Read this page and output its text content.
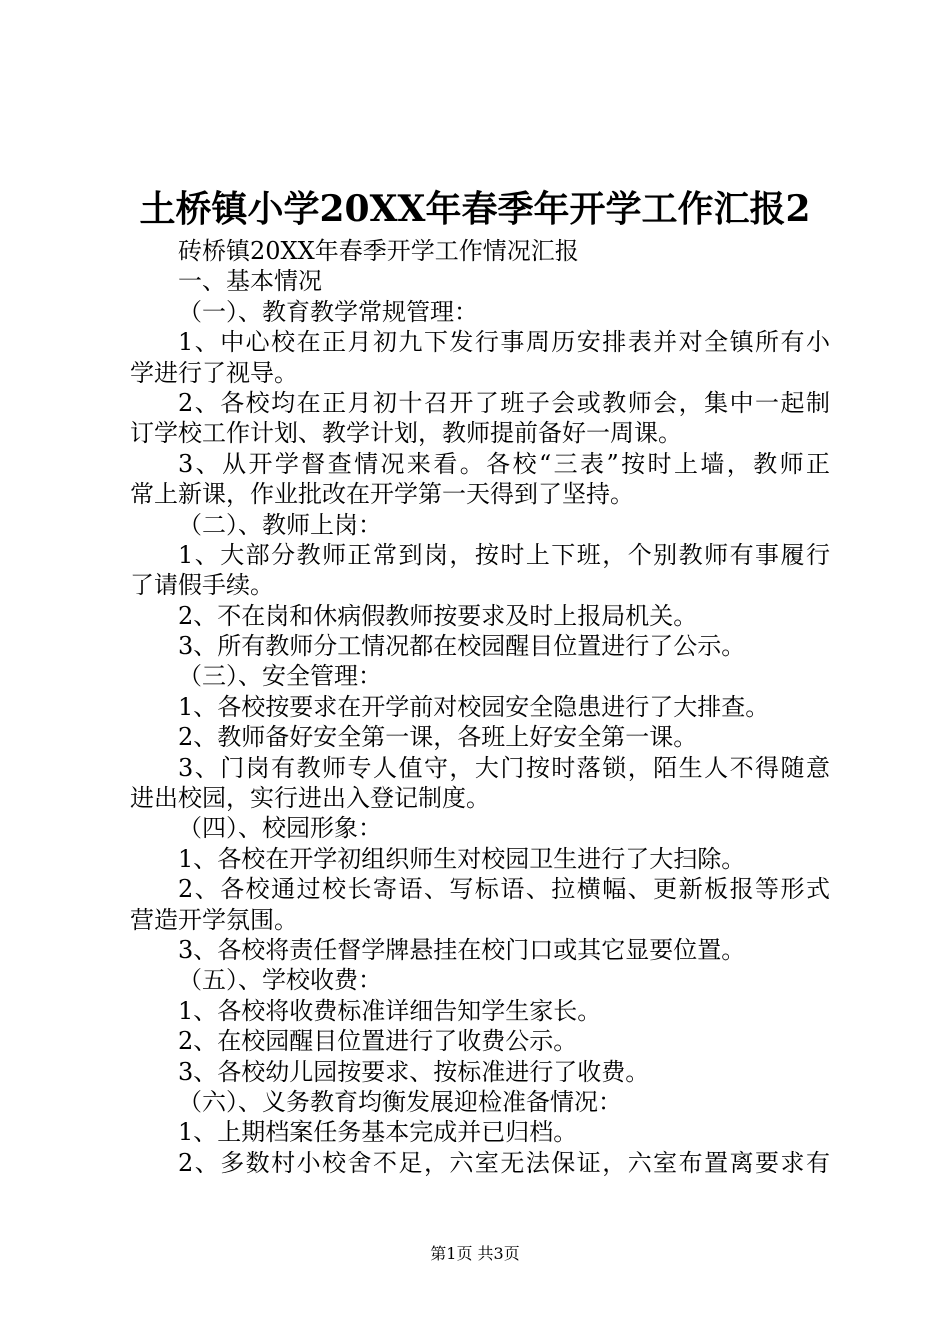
土桥镇小学20XX年春季年开学工作汇报2
砖桥镇20XX年春季开学工作情况汇报
一、基本情况
（一）、教育教学常规管理：
1、中心校在正月初九下发行事周历安排表并对全镇所有小
学进行了视导。
2、各校均在正月初十召开了班子会或教师会，集中一起制
订学校工作计划、教学计划，教师提前备好一周课。
3、从开学督查情况来看。各校“三表”按时上墙，教师正
常上新课，作业批改在开学第一天得到了坚持。
（二）、教师上岗：
1、大部分教师正常到岗，按时上下班，个别教师有事履行
了请假手续。
2、不在岗和休病假教师按要求及时上报局机关。
3、所有教师分工情况都在校园醒目位置进行了公示。
（三）、安全管理：
1、各校按要求在开学前对校园安全隐患进行了大排查。
2、教师备好安全第一课，各班上好安全第一课。
3、门岗有教师专人值守，大门按时落锁，陌生人不得随意
进出校园，实行进出入登记制度。
（四）、校园形象：
1、各校在开学初组织师生对校园卫生进行了大扫除。
2、各校通过校长寄语、写标语、拉横幅、更新板报等形式
营造开学氛围。
3、各校将责任督学牌悬挂在校门口或其它显要位置。
（五）、学校收费：
1、各校将收费标准详细告知学生家长。
2、在校园醒目位置进行了收费公示。
3、各校幼儿园按要求、按标准进行了收费。
（六）、义务教育均衡发展迎检准备情况：
1、上期档案任务基本完成并已归档。
2、多数村小校舍不足，六室无法保证，六室布置离要求有
第1页 共3页
